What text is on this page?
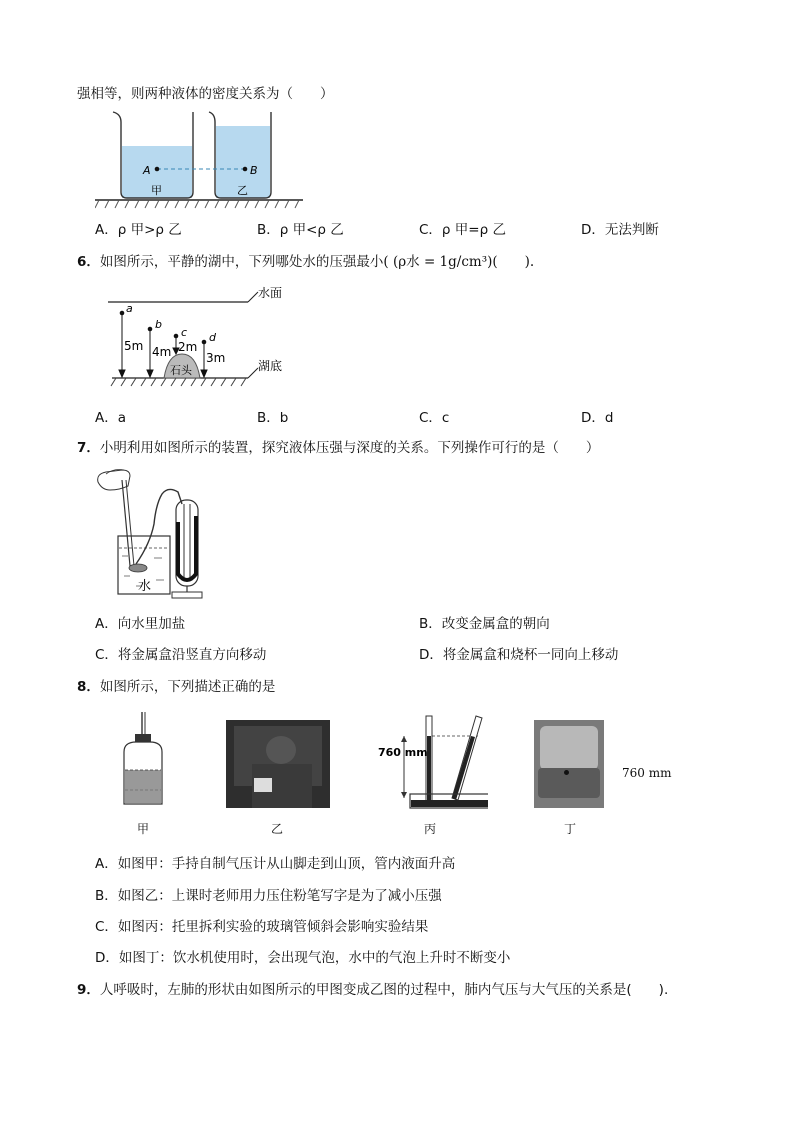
强相等，则两种液体的密度关系为（　　）
A	B
甲	乙
A．ρ 甲>ρ 乙	B．ρ 甲<ρ 乙	C．ρ 甲=ρ 乙	D．无法判断
6．如图所示，平静的湖中，下列哪处水的压强最小( (ρ水 = 1g/cm³)(　　).
水面
湖底
石头
a
b
c d
5m 4m 2m
3m
A．a	B．b	C．c	D．d
7．小明利用如图所示的装置，探究液体压强与深度的关系。下列操作可行的是（　　）
水
A．向水里加盐	B．改变金属盒的朝向
C．将金属盒沿竖直方向移动	D．将金属盒和烧杯一同向上移动
8．如图所示，下列描述正确的是
甲	乙
760 mm
丙	丁
760 mm
A．如图甲：手持自制气压计从山脚走到山顶，管内液面升高
B．如图乙：上课时老师用力压住粉笔写字是为了减小压强
C．如图丙：托里拆利实验的玻璃管倾斜会影响实验结果
D．如图丁：饮水机使用时，会出现气泡，水中的气泡上升时不断变小
9．人呼吸时，左肺的形状由如图所示的甲图变成乙图的过程中，肺内气压与大气压的关系是(　　).
